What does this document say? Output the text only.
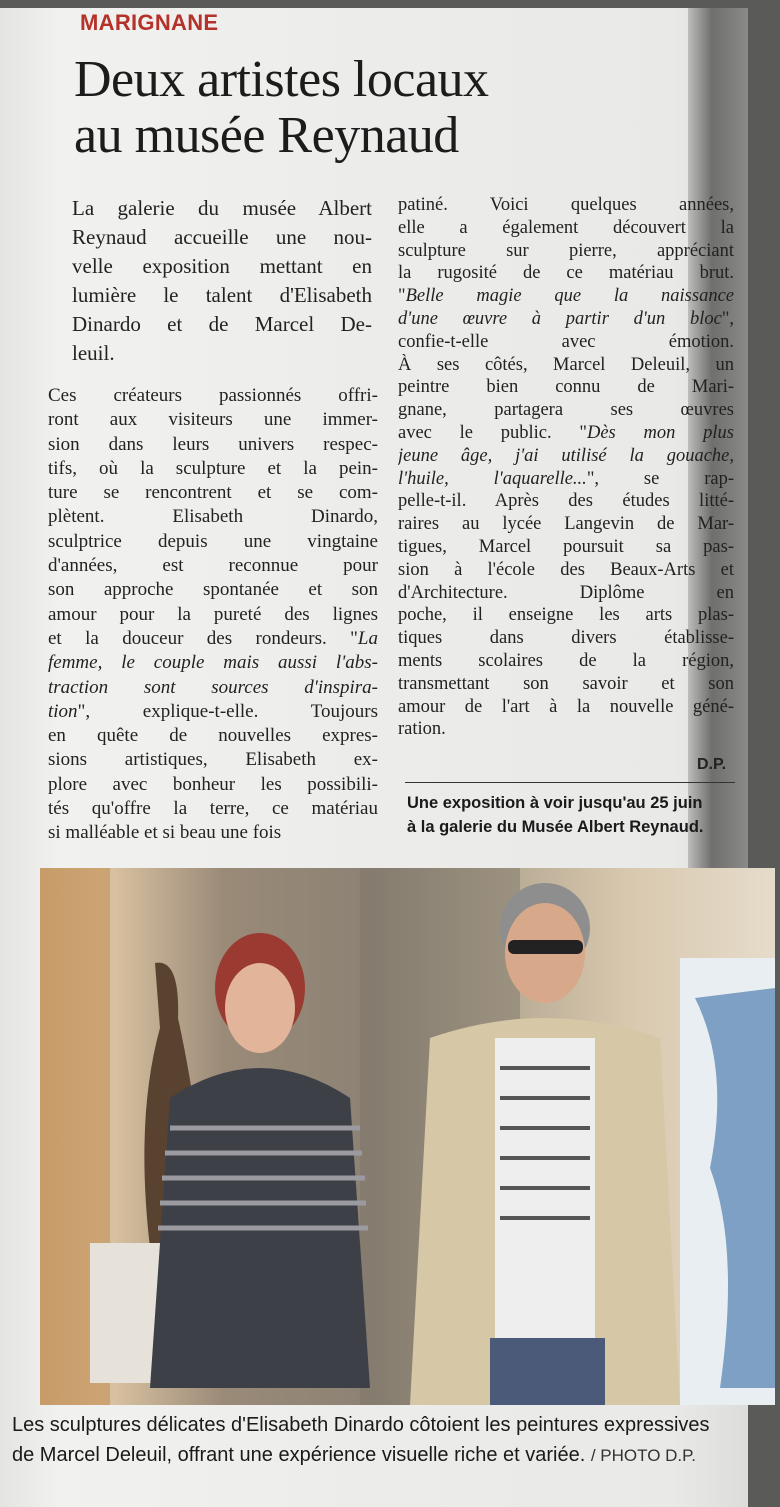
MARIGNANE
Deux artistes locaux
au musée Reynaud
La galerie du musée Albert
Reynaud accueille une nou-
velle exposition mettant en
lumière le talent d'Elisabeth
Dinardo et de Marcel De-
leuil.
Ces créateurs passionnés offri-
ront aux visiteurs une immer-
sion dans leurs univers respec-
tifs, où la sculpture et la pein-
ture se rencontrent et se com-
plètent. Elisabeth Dinardo,
sculptrice depuis une vingtaine
d'années, est reconnue pour
son approche spontanée et son
amour pour la pureté des lignes
et la douceur des rondeurs. "La
femme, le couple mais aussi l'abs-
traction sont sources d'inspira-
tion", explique-t-elle. Toujours
en quête de nouvelles expres-
sions artistiques, Elisabeth ex-
plore avec bonheur les possibili-
tés qu'offre la terre, ce matériau
si malléable et si beau une fois
patiné. Voici quelques années,
elle a également découvert la
sculpture sur pierre, appréciant
la rugosité de ce matériau brut.
"Belle magie que la naissance
d'une œuvre à partir d'un bloc",
confie-t-elle avec émotion.
À ses côtés, Marcel Deleuil, un
peintre bien connu de Mari-
gnane, partagera ses œuvres
avec le public. "Dès mon plus
jeune âge, j'ai utilisé la gouache,
l'huile, l'aquarelle...", se rap-
pelle-t-il. Après des études litté-
raires au lycée Langevin de Mar-
tigues, Marcel poursuit sa pas-
sion à l'école des Beaux-Arts et
d'Architecture. Diplôme en
poche, il enseigne les arts plas-
tiques dans divers établisse-
ments scolaires de la région,
transmettant son savoir et son
amour de l'art à la nouvelle géné-
ration.
D.P.
Une exposition à voir jusqu'au 25 juin
à la galerie du Musée Albert Reynaud.
Les sculptures délicates d'Elisabeth Dinardo côtoient les peintures expressives
de Marcel Deleuil, offrant une expérience visuelle riche et variée. / PHOTO D.P.
